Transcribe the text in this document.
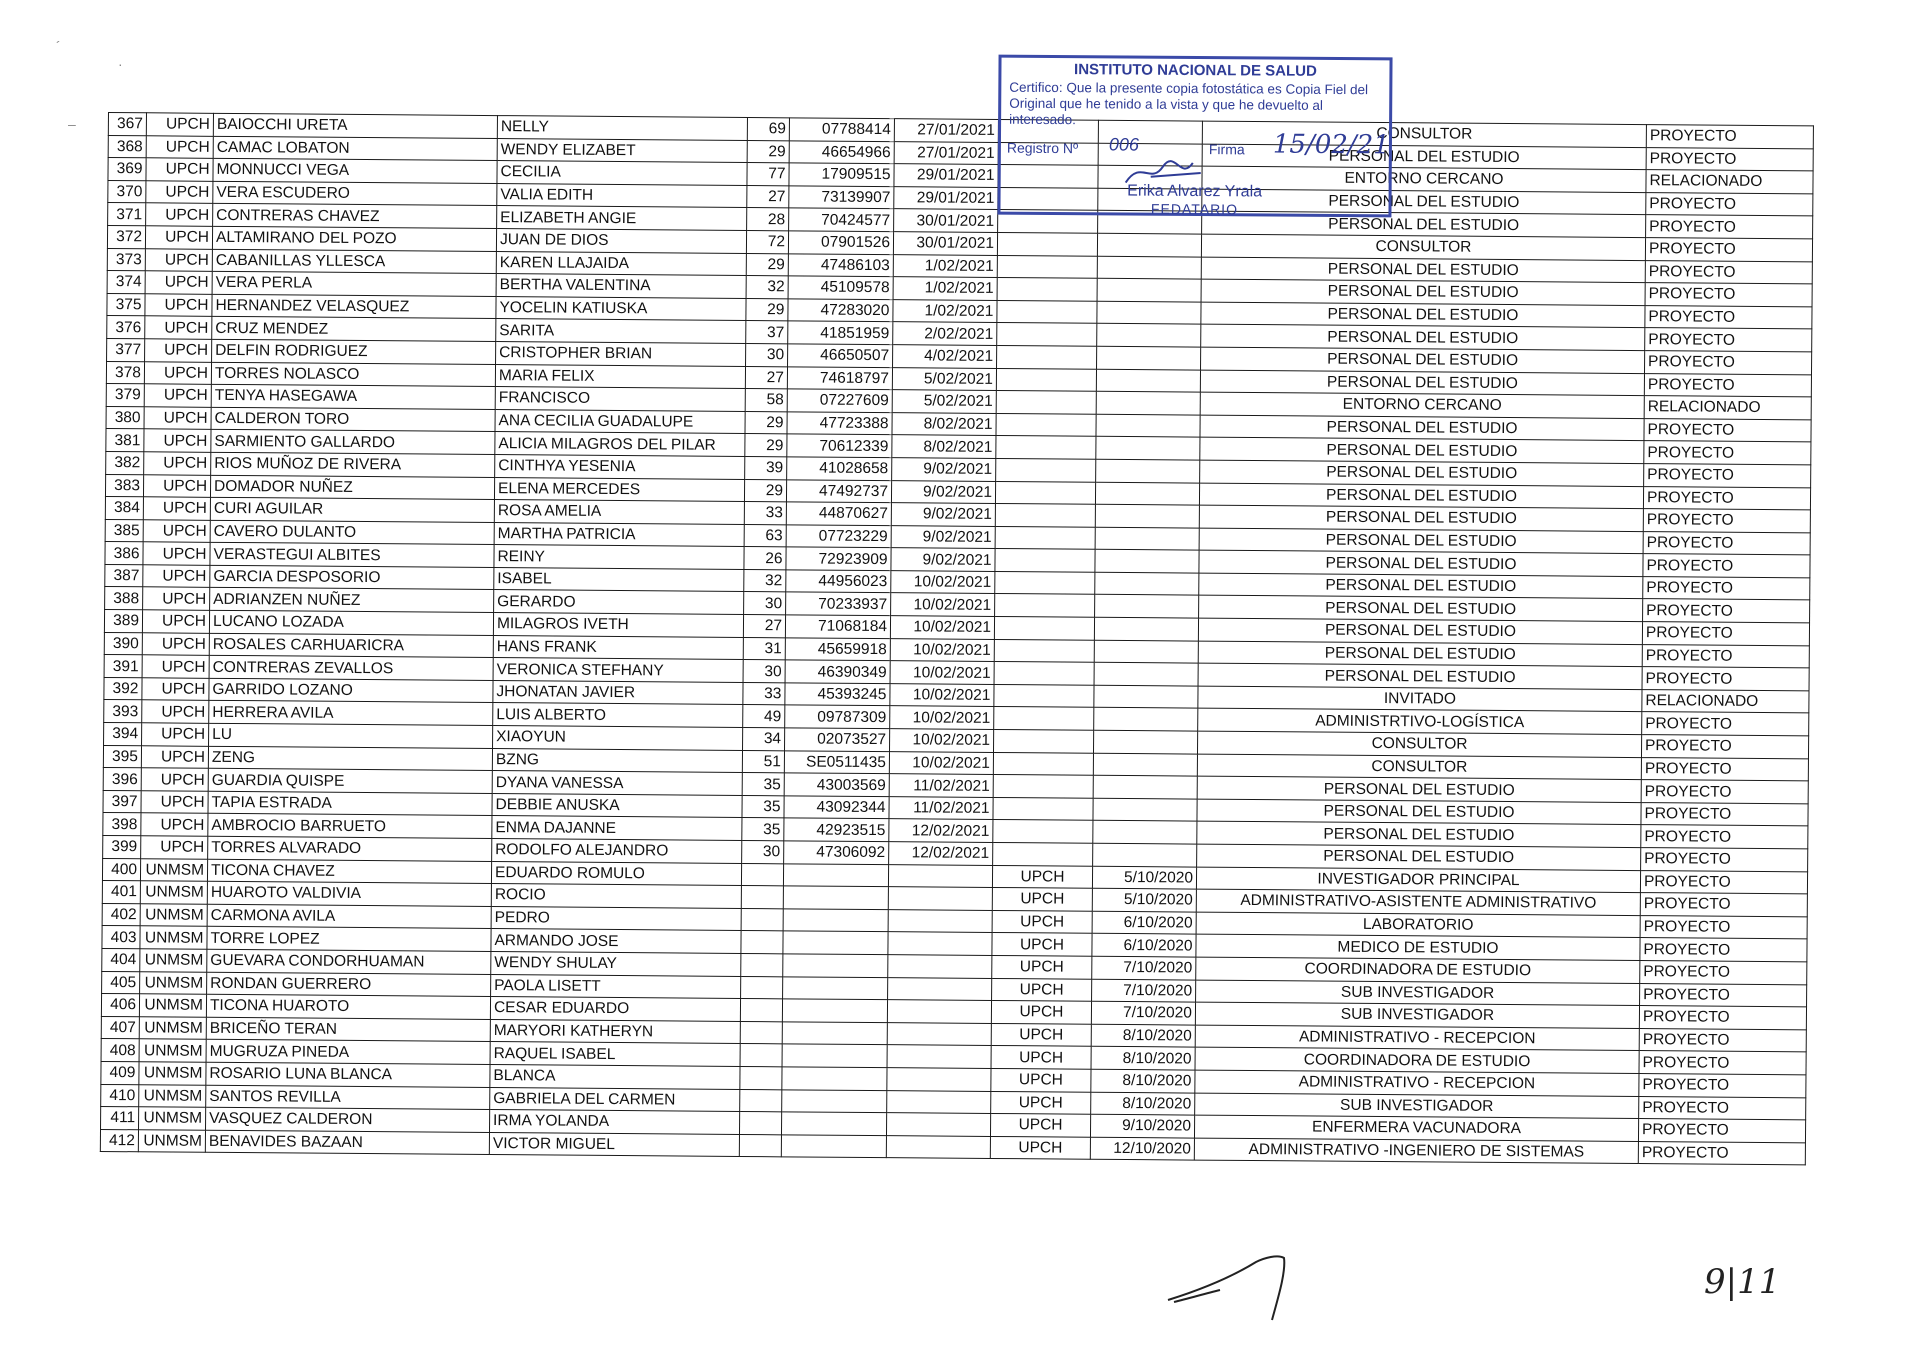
´
·
–	367	UPCH	BAIOCCHI URETA	NELLY	69	07788414	27/01/2021			CONSULTOR	PROYECTO
368	UPCH	CAMAC LOBATON	WENDY ELIZABET	29	46654966	27/01/2021			PERSONAL DEL ESTUDIO	PROYECTO
369	UPCH	MONNUCCI VEGA	CECILIA	77	17909515	29/01/2021			ENTORNO CERCANO	RELACIONADO
370	UPCH	VERA ESCUDERO	VALIA EDITH	27	73139907	29/01/2021			PERSONAL DEL ESTUDIO	PROYECTO
371	UPCH	CONTRERAS CHAVEZ	ELIZABETH ANGIE	28	70424577	30/01/2021			PERSONAL DEL ESTUDIO	PROYECTO
372	UPCH	ALTAMIRANO DEL POZO	JUAN DE DIOS	72	07901526	30/01/2021			CONSULTOR	PROYECTO
373	UPCH	CABANILLAS YLLESCA	KAREN LLAJAIDA	29	47486103	1/02/2021			PERSONAL DEL ESTUDIO	PROYECTO
374	UPCH	VERA PERLA	BERTHA VALENTINA	32	45109578	1/02/2021			PERSONAL DEL ESTUDIO	PROYECTO
375	UPCH	HERNANDEZ VELASQUEZ	YOCELIN KATIUSKA	29	47283020	1/02/2021			PERSONAL DEL ESTUDIO	PROYECTO
376	UPCH	CRUZ MENDEZ	SARITA	37	41851959	2/02/2021			PERSONAL DEL ESTUDIO	PROYECTO
377	UPCH	DELFIN RODRIGUEZ	CRISTOPHER BRIAN	30	46650507	4/02/2021			PERSONAL DEL ESTUDIO	PROYECTO
378	UPCH	TORRES NOLASCO	MARIA FELIX	27	74618797	5/02/2021			PERSONAL DEL ESTUDIO	PROYECTO
379	UPCH	TENYA HASEGAWA	FRANCISCO	58	07227609	5/02/2021			ENTORNO CERCANO	RELACIONADO
380	UPCH	CALDERON TORO	ANA CECILIA GUADALUPE	29	47723388	8/02/2021			PERSONAL DEL ESTUDIO	PROYECTO
381	UPCH	SARMIENTO GALLARDO	ALICIA MILAGROS DEL PILAR	29	70612339	8/02/2021			PERSONAL DEL ESTUDIO	PROYECTO
382	UPCH	RIOS MUÑOZ DE RIVERA	CINTHYA YESENIA	39	41028658	9/02/2021			PERSONAL DEL ESTUDIO	PROYECTO
383	UPCH	DOMADOR NUÑEZ	ELENA MERCEDES	29	47492737	9/02/2021			PERSONAL DEL ESTUDIO	PROYECTO
384	UPCH	CURI AGUILAR	ROSA AMELIA	33	44870627	9/02/2021			PERSONAL DEL ESTUDIO	PROYECTO
385	UPCH	CAVERO DULANTO	MARTHA PATRICIA	63	07723229	9/02/2021			PERSONAL DEL ESTUDIO	PROYECTO
386	UPCH	VERASTEGUI ALBITES	REINY	26	72923909	9/02/2021			PERSONAL DEL ESTUDIO	PROYECTO
387	UPCH	GARCIA DESPOSORIO	ISABEL	32	44956023	10/02/2021			PERSONAL DEL ESTUDIO	PROYECTO
388	UPCH	ADRIANZEN NUÑEZ	GERARDO	30	70233937	10/02/2021			PERSONAL DEL ESTUDIO	PROYECTO
389	UPCH	LUCANO LOZADA	MILAGROS IVETH	27	71068184	10/02/2021			PERSONAL DEL ESTUDIO	PROYECTO
390	UPCH	ROSALES CARHUARICRA	HANS FRANK	31	45659918	10/02/2021			PERSONAL DEL ESTUDIO	PROYECTO
391	UPCH	CONTRERAS ZEVALLOS	VERONICA STEFHANY	30	46390349	10/02/2021			PERSONAL DEL ESTUDIO	PROYECTO
392	UPCH	GARRIDO LOZANO	JHONATAN JAVIER	33	45393245	10/02/2021			INVITADO	RELACIONADO
393	UPCH	HERRERA AVILA	LUIS ALBERTO	49	09787309	10/02/2021			ADMINISTRTIVO-LOGÍSTICA	PROYECTO
394	UPCH	LU	XIAOYUN	34	02073527	10/02/2021			CONSULTOR	PROYECTO
395	UPCH	ZENG	BZNG	51	SE0511435	10/02/2021			CONSULTOR	PROYECTO
396	UPCH	GUARDIA QUISPE	DYANA VANESSA	35	43003569	11/02/2021			PERSONAL DEL ESTUDIO	PROYECTO
397	UPCH	TAPIA ESTRADA	DEBBIE ANUSKA	35	43092344	11/02/2021			PERSONAL DEL ESTUDIO	PROYECTO
398	UPCH	AMBROCIO BARRUETO	ENMA DAJANNE	35	42923515	12/02/2021			PERSONAL DEL ESTUDIO	PROYECTO
399	UPCH	TORRES ALVARADO	RODOLFO ALEJANDRO	30	47306092	12/02/2021			PERSONAL DEL ESTUDIO	PROYECTO
400	UNMSM	TICONA CHAVEZ	EDUARDO ROMULO				UPCH	5/10/2020	INVESTIGADOR PRINCIPAL	PROYECTO
401	UNMSM	HUAROTO VALDIVIA	ROCIO				UPCH	5/10/2020	ADMINISTRATIVO-ASISTENTE ADMINISTRATIVO	PROYECTO
402	UNMSM	CARMONA AVILA	PEDRO				UPCH	6/10/2020	LABORATORIO	PROYECTO
403	UNMSM	TORRE LOPEZ	ARMANDO JOSE				UPCH	6/10/2020	MEDICO DE ESTUDIO	PROYECTO
404	UNMSM	GUEVARA CONDORHUAMAN	WENDY SHULAY				UPCH	7/10/2020	COORDINADORA DE ESTUDIO	PROYECTO
405	UNMSM	RONDAN GUERRERO	PAOLA LISETT				UPCH	7/10/2020	SUB INVESTIGADOR	PROYECTO
406	UNMSM	TICONA HUAROTO	CESAR EDUARDO				UPCH	7/10/2020	SUB INVESTIGADOR	PROYECTO
407	UNMSM	BRICEÑO TERAN	MARYORI KATHERYN				UPCH	8/10/2020	ADMINISTRATIVO - RECEPCION	PROYECTO
408	UNMSM	MUGRUZA PINEDA	RAQUEL ISABEL				UPCH	8/10/2020	COORDINADORA DE ESTUDIO	PROYECTO
409	UNMSM	ROSARIO LUNA BLANCA	BLANCA				UPCH	8/10/2020	ADMINISTRATIVO - RECEPCION	PROYECTO
410	UNMSM	SANTOS REVILLA	GABRIELA DEL CARMEN				UPCH	8/10/2020	SUB INVESTIGADOR	PROYECTO
411	UNMSM	VASQUEZ CALDERON	IRMA YOLANDA				UPCH	9/10/2020	ENFERMERA VACUNADORA	PROYECTO
412	UNMSM	BENAVIDES BAZAAN	VICTOR MIGUEL				UPCH	12/10/2020	ADMINISTRATIVO -INGENIERO DE SISTEMAS	PROYECTO
INSTITUTO NACIONAL DE SALUD
Certifico: Que la presente copia fotostática es Copia Fiel del Original que he tenido a la vista y que he devuelto al interesado.
Registro Nº 006	Firma 15/02/21
Erika Alvarez Yrala
FEDATARIO
9|11
